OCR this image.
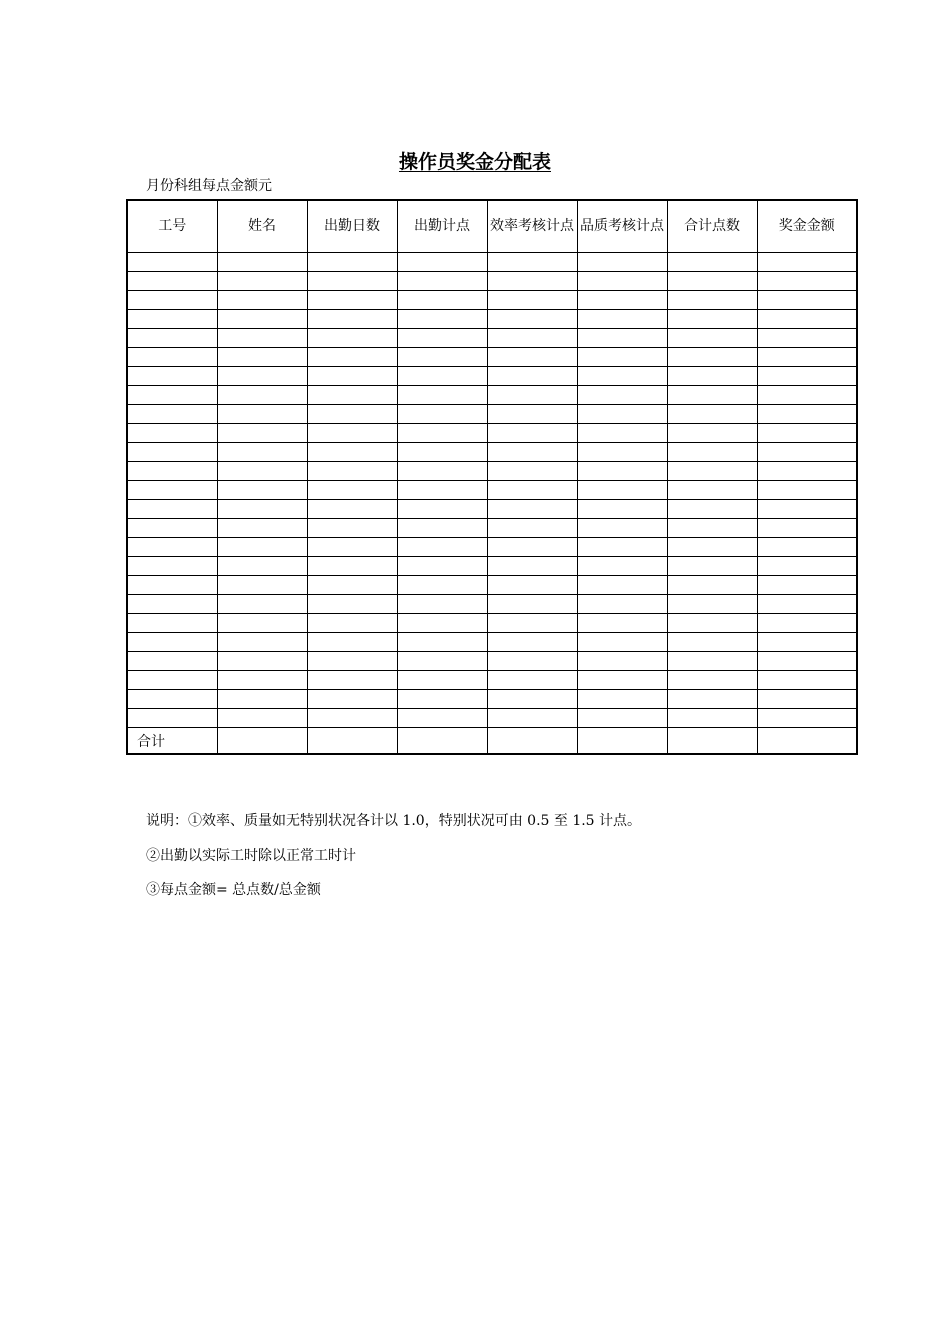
操作员奖金分配表
月份科组每点金额元
工号	姓名	出勤日数	出勤计点	效率考核计点	品质考核计点	合计点数	奖金金额

合计							
说明：①效率、质量如无特别状况各计以 1.0，特别状况可由 0.5 至 1.5 计点。
②出勤以实际工时除以正常工时计
③每点金额= 总点数/总金额
